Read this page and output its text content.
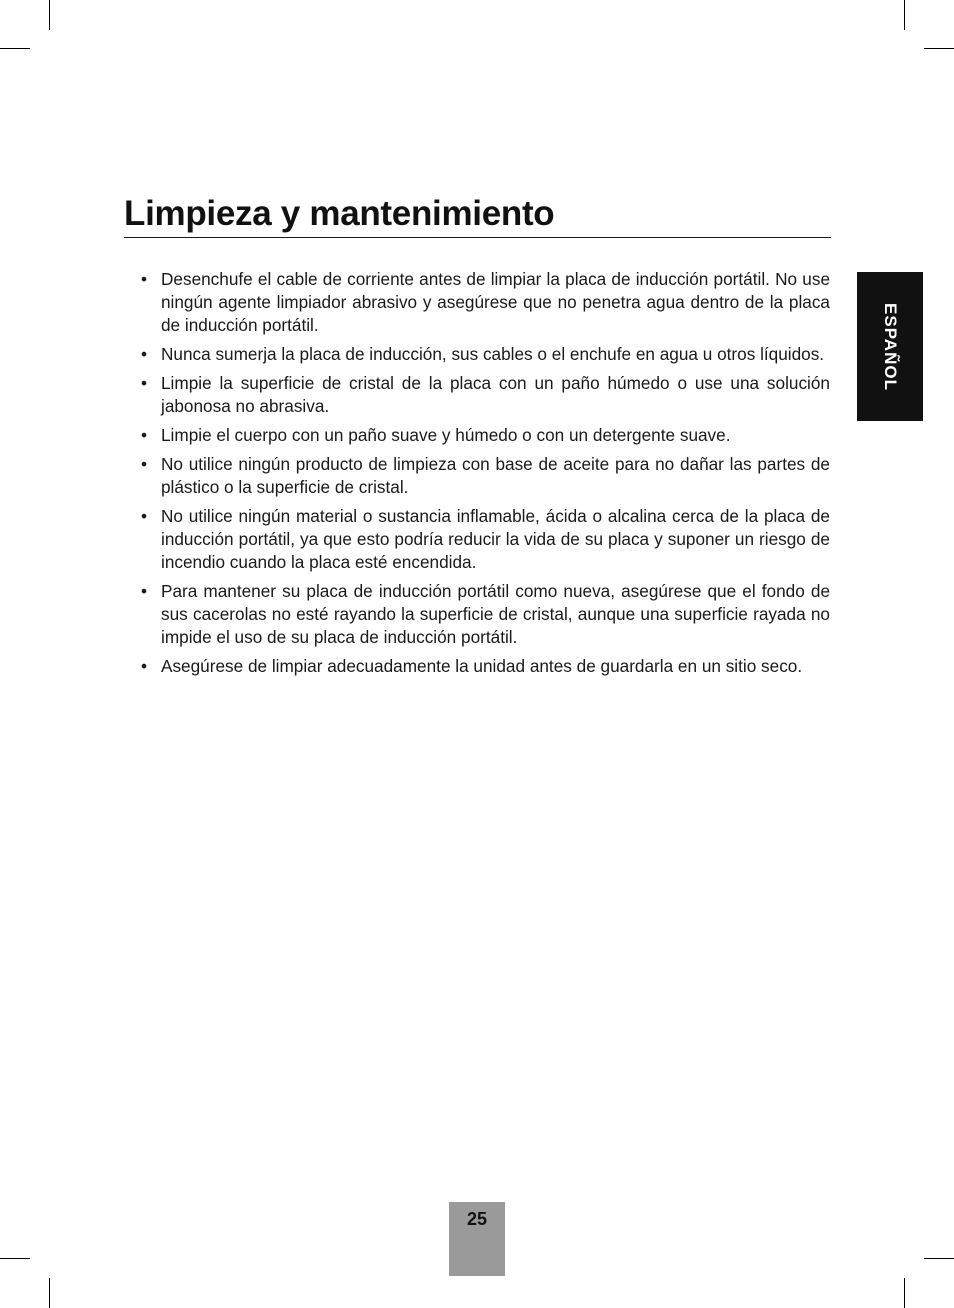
Limpieza y mantenimiento
• Desenchufe el cable de corriente antes de limpiar la placa de inducción portátil. No use ningún agente limpiador abrasivo y asegúrese que no penetra agua dentro de la placa de inducción portátil.
• Nunca sumerja la placa de inducción, sus cables o el enchufe en agua u otros líquidos.
• Limpie la superficie de cristal de la placa con un paño húmedo o use una solución jabonosa no abrasiva.
• Limpie el cuerpo con un paño suave y húmedo o con un detergente suave.
• No utilice ningún producto de limpieza con base de aceite para no dañar las partes de plástico o la superficie de cristal.
• No utilice ningún material o sustancia inflamable, ácida o alcalina cerca de la placa de inducción portátil, ya que esto podría reducir la vida de su placa y suponer un riesgo de incendio cuando la placa esté encendida.
• Para mantener su placa de inducción portátil como nueva, asegúrese que el fondo de sus cacerolas no esté rayando la superficie de cristal, aunque una superficie rayada no impide el uso de su placa de inducción portátil.
• Asegúrese de limpiar adecuadamente la unidad antes de guardarla en un sitio seco.
ESPAÑOL
25
